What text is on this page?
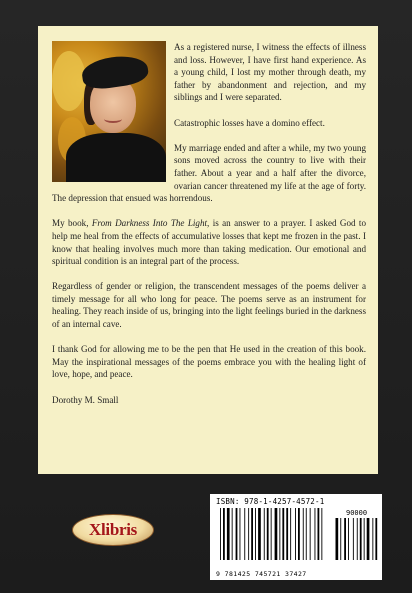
As a registered nurse, I witness the effects of illness and loss. However, I have first hand experience. As a young child, I lost my mother through death, my father by abandonment and rejection, and my siblings and I were separated.

Catastrophic losses have a domino effect.

My marriage ended and after a while, my two young sons moved across the country to live with their father. About a year and a half after the divorce, ovarian cancer threatened my life at the age of forty. The depression that ensued was horrendous.

My book, From Darkness Into The Light, is an answer to a prayer. I asked God to help me heal from the effects of accumulative losses that kept me frozen in the past. I know that healing involves much more than taking medication. Our emotional and spiritual condition is an integral part of the process.

Regardless of gender or religion, the transcendent messages of the poems deliver a timely message for all who long for peace. The poems serve as an instrument for healing. They reach inside of us, bringing into the light feelings buried in the darkness of an internal cave.

I thank God for allowing me to be the pen that He used in the creation of this book. May the inspirational messages of the poems embrace you with the healing light of love, hope, and peace.

Dorothy M. Small

Xlibris
ISBN: 978-1-4257-4572-1
90000
9 781425 745721 37427
